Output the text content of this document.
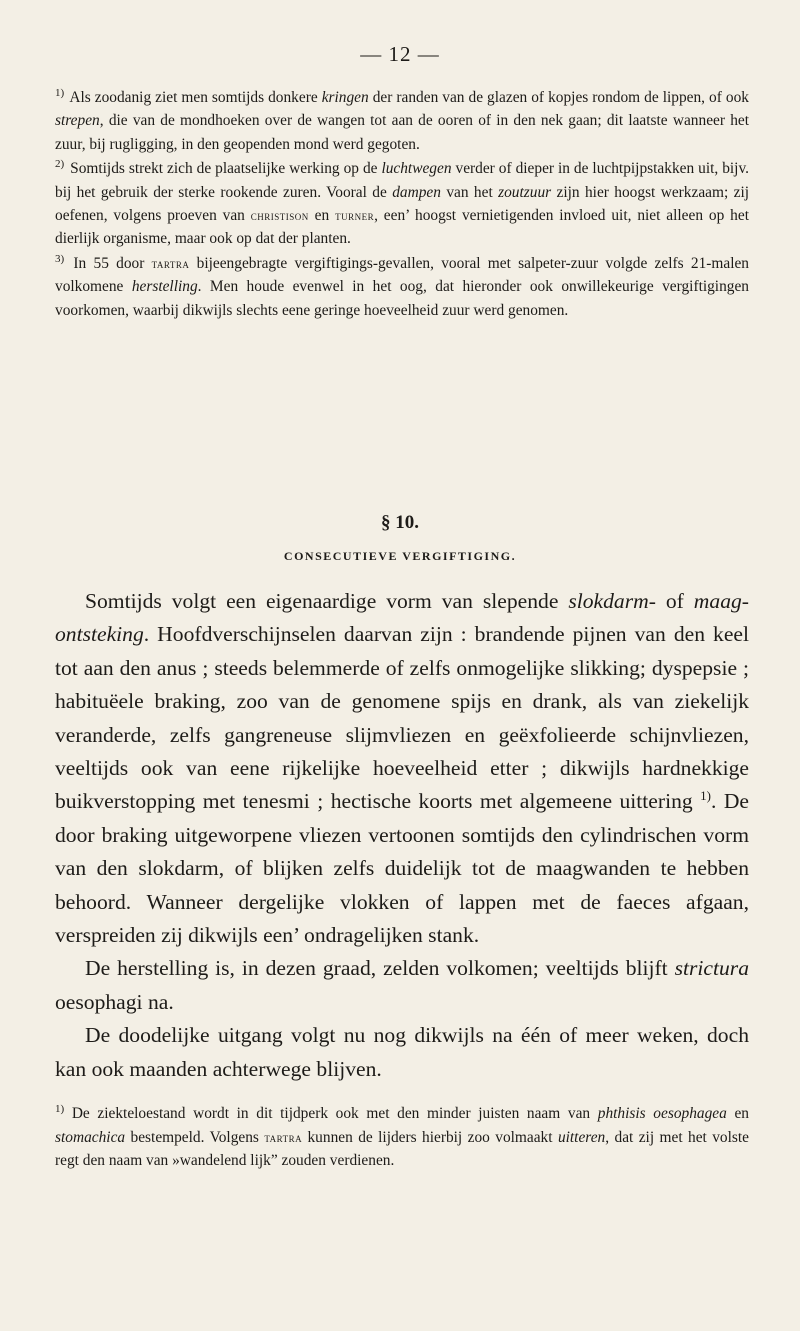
— 12 —

$^{1)}$ Als zoodanig ziet men somtijds donkere kringen der randen van de glazen of kopjes rondom de lippen, of ook strepen, die van de mondhoeken over de wangen tot aan de ooren of in den nek gaan; dit laatste wanneer het zuur, bij rugligging, in den geopenden mond werd gegoten.

$^{2)}$ Somtijds strekt zich de plaatselijke werking op de luchtwegen verder of dieper in de luchtpijpstakken uit, bijv. bij het gebruik der sterke rookende zuren. Vooral de dampen van het zoutzuur zijn hier hoogst werkzaam; zij oefenen, volgens proeven van christison en turner, een’ hoogst vernietigenden invloed uit, niet alleen op het dierlijk organisme, maar ook op dat der planten.

$^{3)}$ In 55 door tartra bijeengebragte vergiftigings-gevallen, vooral met salpeter-zuur volgde zelfs 21-malen volkomene herstelling. Men houde evenwel in het oog, dat hieronder ook onwillekeurige vergiftigingen voorkomen, waarbij dikwijls slechts eene geringe hoeveelheid zuur werd genomen.

§ 10.
CONSECUTIEVE VERGIFTIGING.

Somtijds volgt een eigenaardige vorm van slepende slokdarm- of maag-ontsteking. Hoofdverschijnselen daarvan zijn : brandende pijnen van den keel tot aan den anus ; steeds belemmerde of zelfs onmogelijke slikking; dyspepsie ; habituëele braking, zoo van de genomene spijs en drank, als van ziekelijk veranderde, zelfs gangreneuse slijmvliezen en geëxfolieerde schijnvliezen, veeltijds ook van eene rijkelijke hoeveelheid etter ; dikwijls hardnekkige buikverstopping met tenesmi ; hectische koorts met algemeene uittering $^{1)}$. De door braking uitgeworpene vliezen vertoonen somtijds den cylindrischen vorm van den slokdarm, of blijken zelfs duidelijk tot de maagwanden te hebben behoord. Wanneer dergelijke vlokken of lappen met de faeces afgaan, verspreiden zij dikwijls een’ ondragelijken stank.

De herstelling is, in dezen graad, zelden volkomen; veeltijds blijft strictura oesophagi na.

De doodelijke uitgang volgt nu nog dikwijls na één of meer weken, doch kan ook maanden achterwege blijven.

$^{1)}$ De ziekteloestand wordt in dit tijdperk ook met den minder juisten naam van phthisis oesophagea en stomachica bestempeld. Volgens tartra kunnen de lijders hierbij zoo volmaakt uitteren, dat zij met het volste regt den naam van »wandelend lijk” zouden verdienen.
